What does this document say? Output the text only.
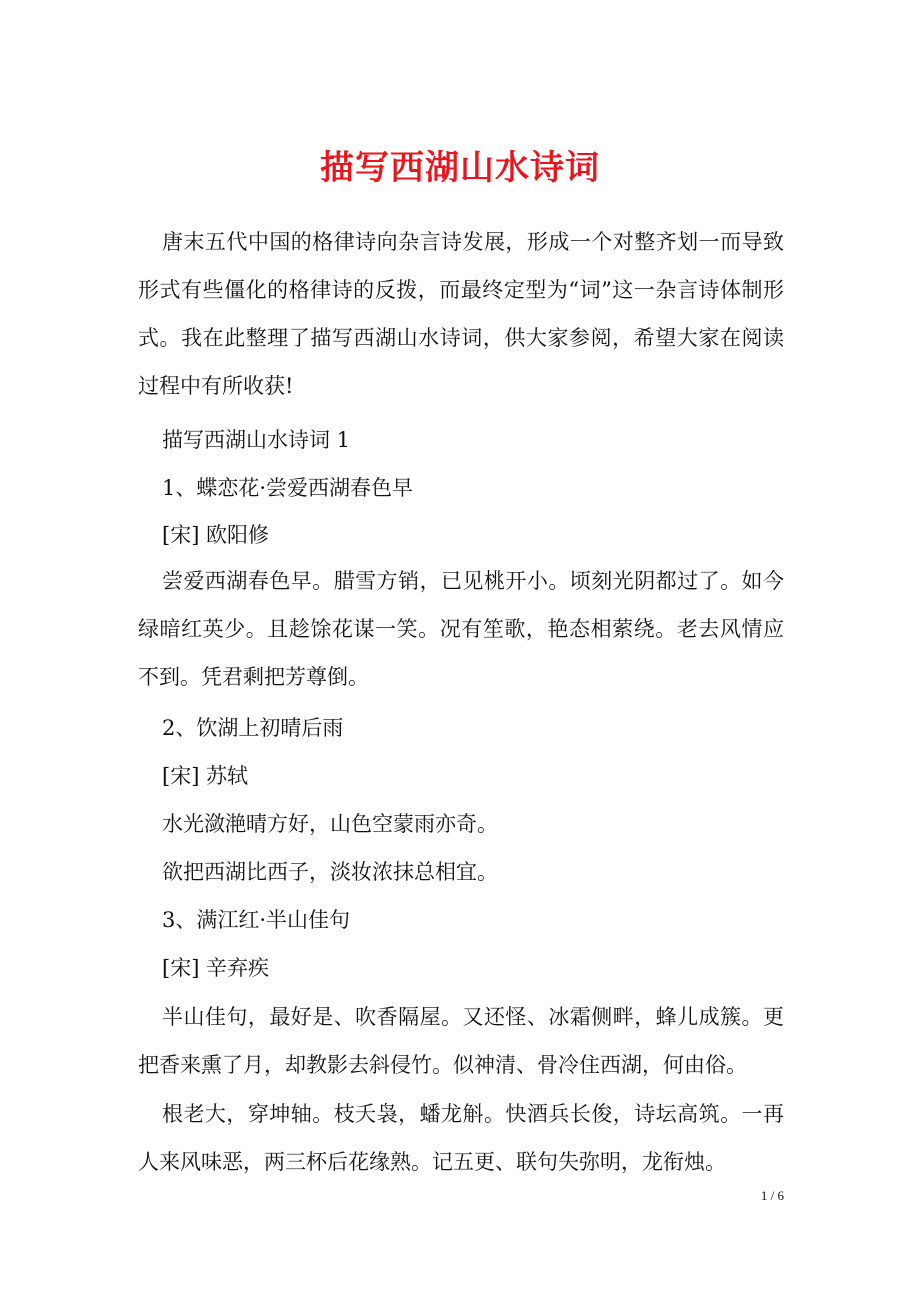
描写西湖山水诗词

唐末五代中国的格律诗向杂言诗发展，形成一个对整齐划一而导致形式有些僵化的格律诗的反拨，而最终定型为“词”这一杂言诗体制形式。我在此整理了描写西湖山水诗词，供大家参阅，希望大家在阅读过程中有所收获!

描写西湖山水诗词 1
1、蝶恋花·尝爱西湖春色早
[宋] 欧阳修

尝爱西湖春色早。腊雪方销，已见桃开小。顷刻光阴都过了。如今绿暗红英少。且趁馀花谋一笑。况有笙歌，艳态相萦绕。老去风情应不到。凭君剩把芳尊倒。

2、饮湖上初晴后雨
[宋] 苏轼
水光潋滟晴方好，山色空蒙雨亦奇。
欲把西湖比西子，淡妆浓抹总相宜。
3、满江红·半山佳句
[宋] 辛弃疾

半山佳句，最好是、吹香隔屋。又还怪、冰霜侧畔，蜂儿成簇。更把香来熏了月，却教影去斜侵竹。似神清、骨冷住西湖，何由俗。

根老大，穿坤轴。枝夭袅，蟠龙斛。快酒兵长俊，诗坛高筑。一再人来风味恶，两三杯后花缘熟。记五更、联句失弥明，龙衔烛。

1 / 6
